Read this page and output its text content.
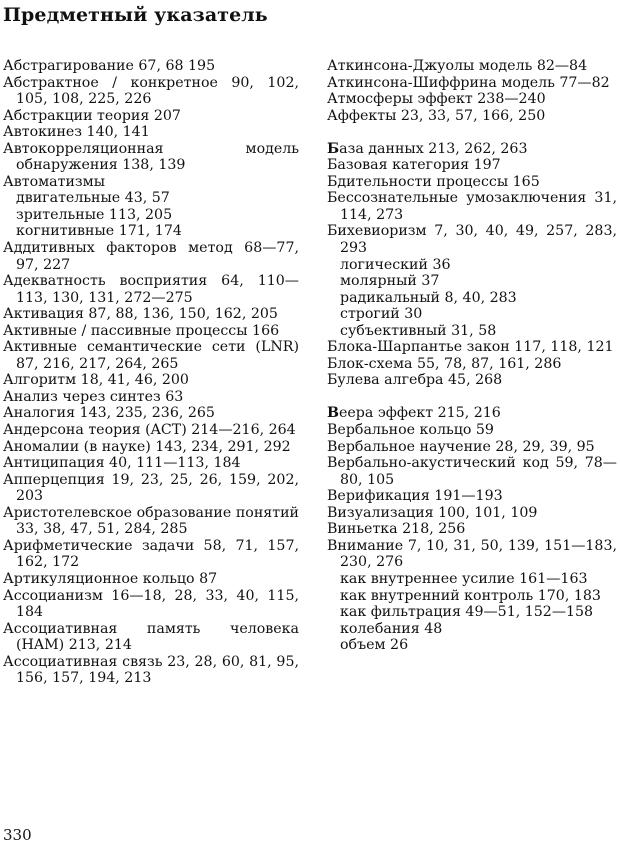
Предметный указатель
Абстрагирование 67, 68 195
Абстрактное / конкретное 90, 102, 105, 108, 225, 226
Абстракции теория 207
Автокинез 140, 141
Автокорреляционная модель обнаружения 138, 139
Автоматизмы
двигательные 43, 57
зрительные 113, 205
когнитивные 171, 174
Аддитивных факторов метод 68—77, 97, 227
Адекватность восприятия 64, 110—113, 130, 131, 272—275
Активация 87, 88, 136, 150, 162, 205
Активные / пассивные процессы 166
Активные семантические сети (LNR) 87, 216, 217, 264, 265
Алгоритм 18, 41, 46, 200
Анализ через синтез 63
Аналогия 143, 235, 236, 265
Андерсона теория (ACT) 214—216, 264
Аномалии (в науке) 143, 234, 291, 292
Антиципация 40, 111—113, 184
Апперцепция 19, 23, 25, 26, 159, 202, 203
Аристотелевское образование понятий 33, 38, 47, 51, 284, 285
Арифметические задачи 58, 71, 157, 162, 172
Артикуляционное кольцо 87
Ассоцианизм 16—18, 28, 33, 40, 115, 184
Ассоциативная память человека (HAM) 213, 214
Ассоциативная связь 23, 28, 60, 81, 95, 156, 157, 194, 213
Аткинсона-Джуолы модель 82—84
Аткинсона-Шиффрина модель 77—82
Атмосферы эффект 238—240
Аффекты 23, 33, 57, 166, 250
База данных 213, 262, 263
Базовая категория 197
Бдительности процессы 165
Бессознательные умозаключения 31, 114, 273
Бихевиоризм 7, 30, 40, 49, 257, 283, 293
логический 36
молярный 37
радикальный 8, 40, 283
строгий 30
субъективный 31, 58
Блока-Шарпантье закон 117, 118, 121
Блок-схема 55, 78, 87, 161, 286
Булева алгебра 45, 268
Веера эффект 215, 216
Вербальное кольцо 59
Вербальное научение 28, 29, 39, 95
Вербально-акустический код 59, 78—80, 105
Верификация 191—193
Визуализация 100, 101, 109
Виньетка 218, 256
Внимание 7, 10, 31, 50, 139, 151—183, 230, 276
как внутреннее усилие 161—163
как внутренний контроль 170, 183
как фильтрация 49—51, 152—158
колебания 48
объем 26
330
